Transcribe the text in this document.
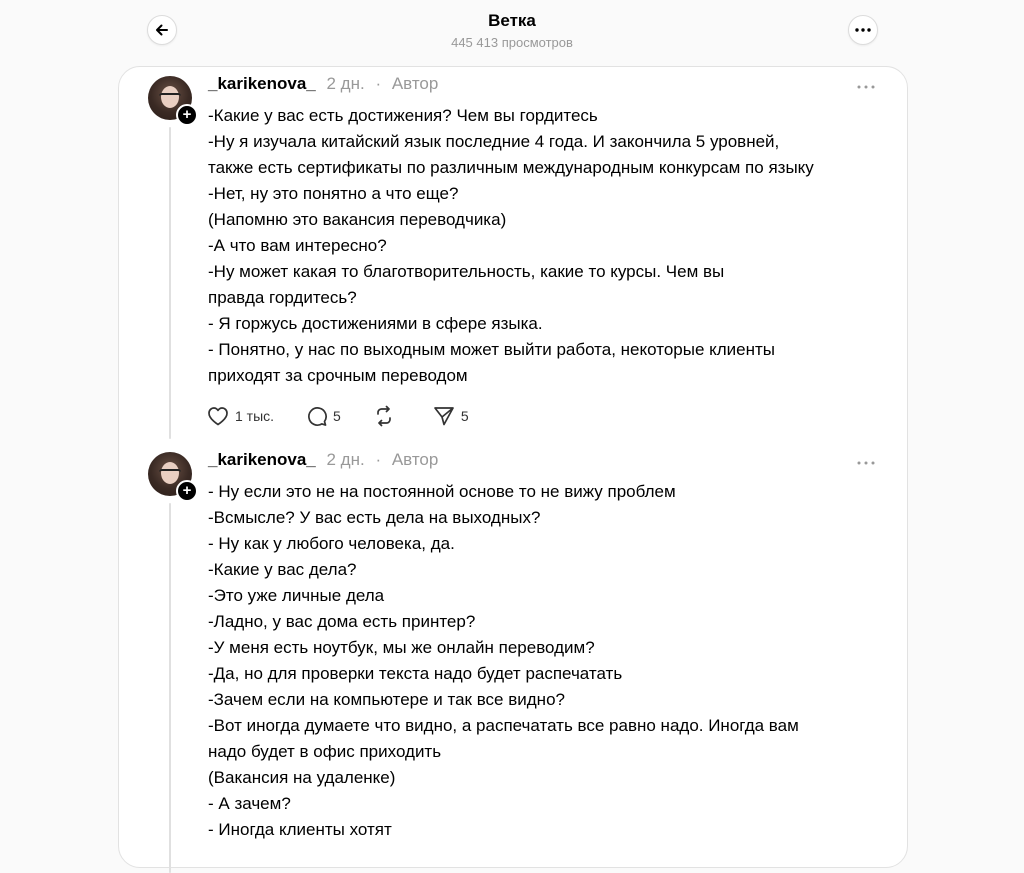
Ветка
445 413 просмотров
+
_karikenova_ 2 дн. · Автор
-Какие у вас есть достижения? Чем вы гордитесь
-Ну я изучала китайский язык последние 4 года. И закончила 5 уровней,
также есть сертификаты по различным международным конкурсам по языку
-Нет, ну это понятно а что еще?
(Напомню это вакансия переводчика)
-А что вам интересно?
-Ну может какая то благотворительность, какие то курсы. Чем вы
правда гордитесь?
- Я горжусь достижениями в сфере языка.
- Понятно, у нас по выходным может выйти работа, некоторые клиенты
приходят за срочным переводом
1 тыс.	5	5
+
_karikenova_ 2 дн. · Автор
- Ну если это не на постоянной основе то не вижу проблем
-Всмысле? У вас есть дела на выходных?
- Ну как у любого человека, да.
-Какие у вас дела?
-Это уже личные дела
-Ладно, у вас дома есть принтер?
-У меня есть ноутбук, мы же онлайн переводим?
-Да, но для проверки текста надо будет распечатать
-Зачем если на компьютере и так все видно?
-Вот иногда думаете что видно, а распечатать все равно надо. Иногда вам
надо будет в офис приходить
(Вакансия на удаленке)
- А зачем?
- Иногда клиенты хотят
